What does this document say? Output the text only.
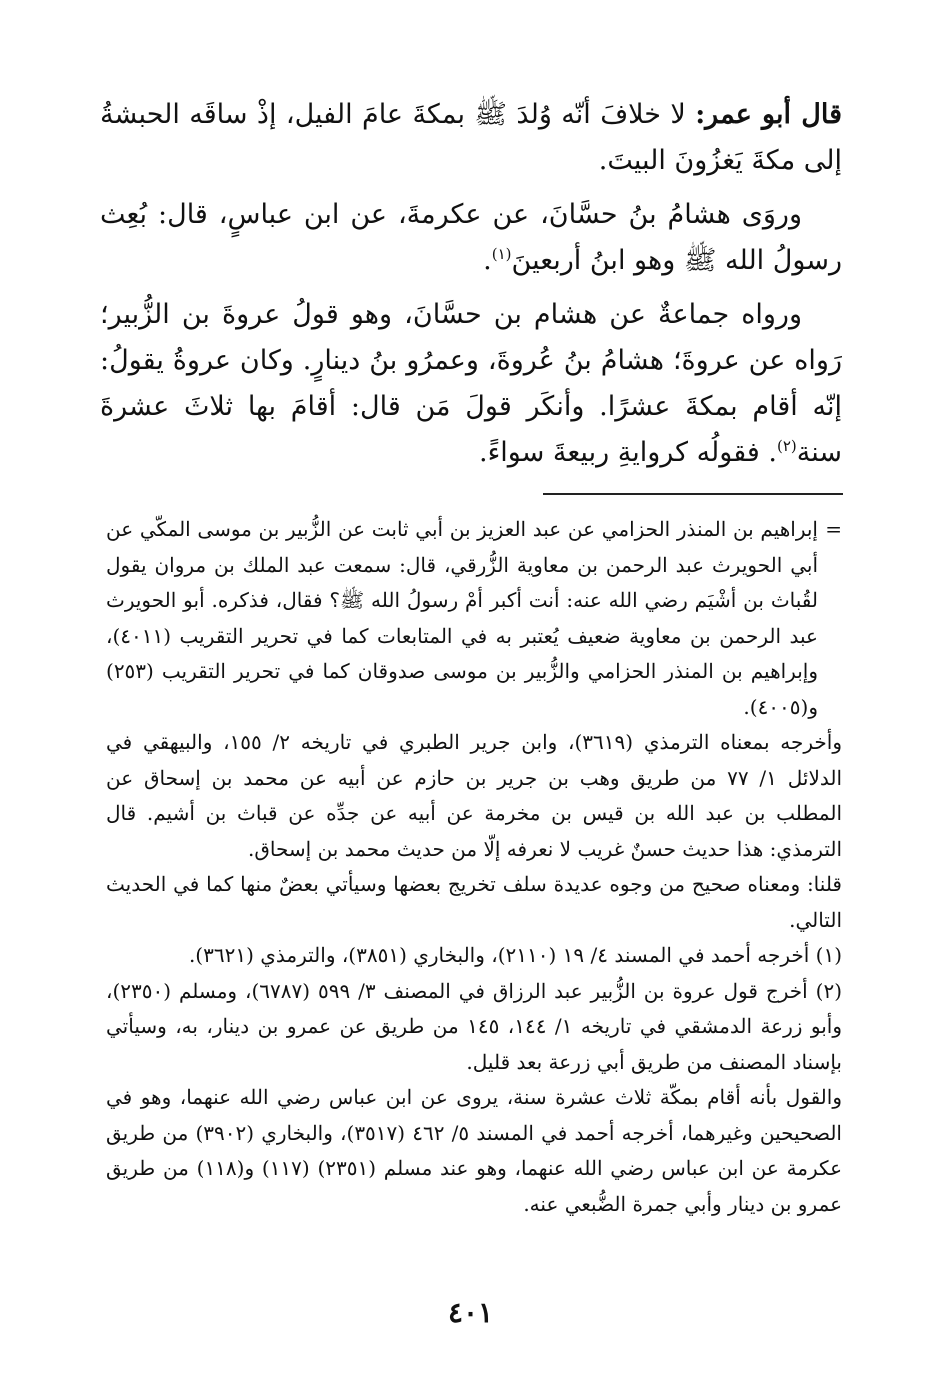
قال أبو عمر: لا خلافَ أنّه وُلدَ ﷺ بمكةَ عامَ الفيل، إذْ ساقَه الحبشةُ إلى مكةَ يَغزُونَ البيتَ.

وروَى هشامُ بنُ حسَّانَ، عن عكرمةَ، عن ابن عباسٍ، قال: بُعِث رسولُ الله ﷺ وهو ابنُ أربعينَ$^{(١)}$.

ورواه جماعةٌ عن هشام بن حسَّانَ، وهو قولُ عروةَ بن الزُّبير؛ رَواه عن عروةَ؛ هشامُ بنُ عُروةَ، وعمرُو بنُ دينارٍ. وكان عروةُ يقولُ: إنّه أقام بمكةَ عشرًا. وأنكَر قولَ مَن قال: أقامَ بها ثلاثَ عشرةَ سنة$^{(٢)}$. فقولُه كروايةِ ربيعةَ سواءً.

=
إبراهيم بن المنذر الحزامي عن عبد العزيز بن أبي ثابت عن الزُّبير بن موسى المكّي عن أبي الحويرث عبد الرحمن بن معاوية الزُّرقي، قال: سمعت عبد الملك بن مروان يقول لقُباث بن أشْيَم رضي الله عنه: أنت أكبر أمْ رسولُ الله ﷺ؟ فقال، فذكره. أبو الحويرث عبد الرحمن بن معاوية ضعيف يُعتبر به في المتابعات كما في تحرير التقريب (٤٠١١)، وإبراهيم بن المنذر الحزامي والزُّبير بن موسى صدوقان كما في تحرير التقريب (٢٥٣) و(٤٠٠٥).

وأخرجه بمعناه الترمذي (٣٦١٩)، وابن جرير الطبري في تاريخه ٢/ ١٥٥، والبيهقي في الدلائل ١/ ٧٧ من طريق وهب بن جرير بن حازم عن أبيه عن محمد بن إسحاق عن المطلب بن عبد الله بن قيس بن مخرمة عن أبيه عن جدِّه عن قباث بن أشيم. قال الترمذي: هذا حديث حسنٌ غريب لا نعرفه إلّا من حديث محمد بن إسحاق.

قلنا: ومعناه صحيح من وجوه عديدة سلف تخريج بعضها وسيأتي بعضٌ منها كما في الحديث التالي.

(١) أخرجه أحمد في المسند ٤/ ١٩ (٢١١٠)، والبخاري (٣٨٥١)، والترمذي (٣٦٢١).

(٢) أخرج قول عروة بن الزُّبير عبد الرزاق في المصنف ٣/ ٥٩٩ (٦٧٨٧)، ومسلم (٢٣٥٠)، وأبو زرعة الدمشقي في تاريخه ١/ ١٤٤، ١٤٥ من طريق عن عمرو بن دينار، به، وسيأتي بإسناد المصنف من طريق أبي زرعة بعد قليل.

والقول بأنه أقام بمكّة ثلاث عشرة سنة، يروى عن ابن عباس رضي الله عنهما، وهو في الصحيحين وغيرهما، أخرجه أحمد في المسند ٥/ ٤٦٢ (٣٥١٧)، والبخاري (٣٩٠٢) من طريق عكرمة عن ابن عباس رضي الله عنهما، وهو عند مسلم (٢٣٥١) (١١٧) و(١١٨) من طريق عمرو بن دينار وأبي جمرة الضُّبعي عنه.

٤٠١
